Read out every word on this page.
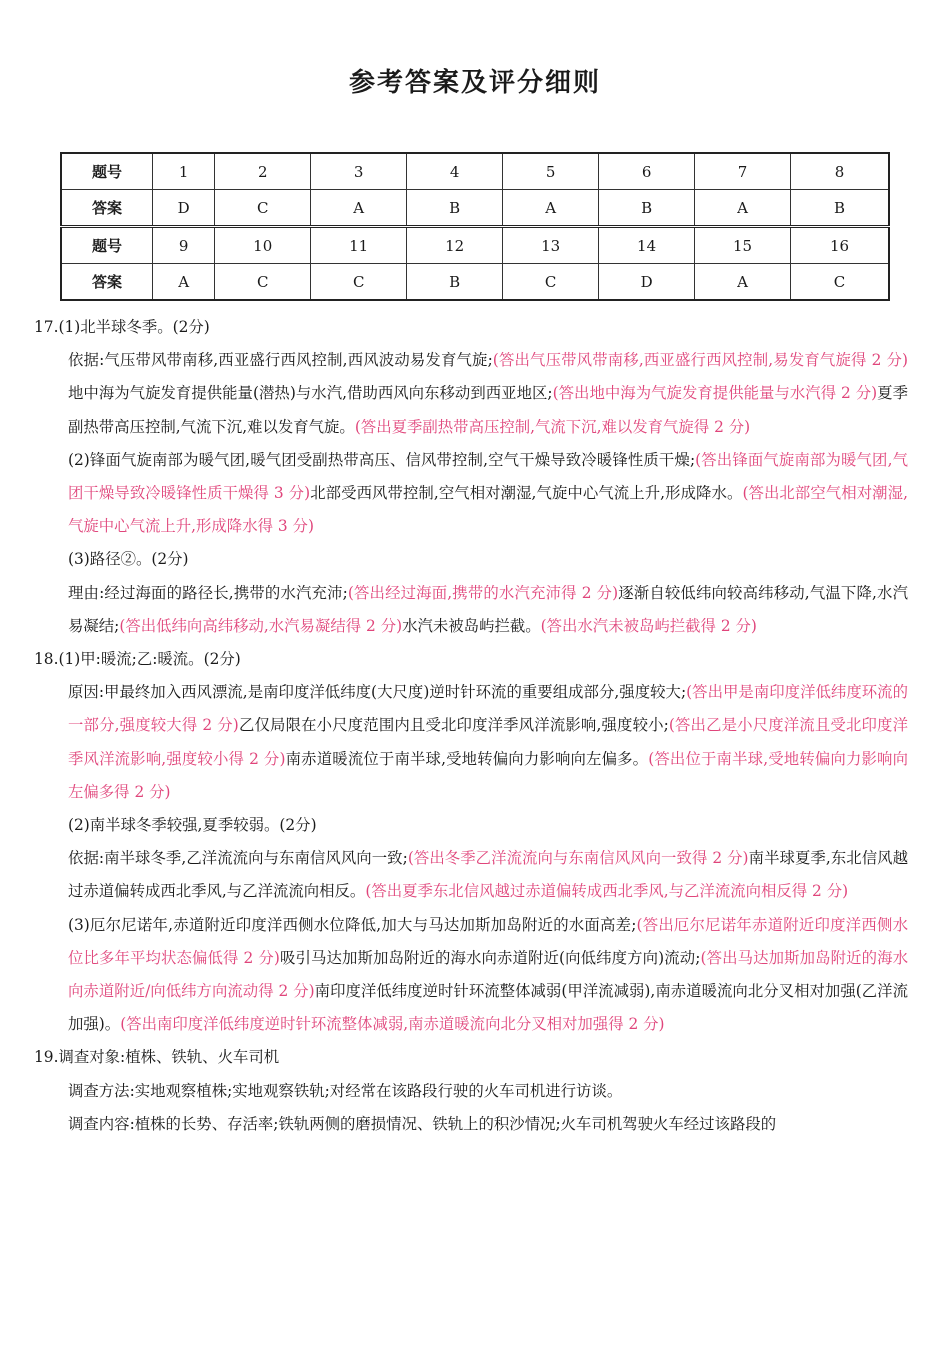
参考答案及评分细则
题号	1	2	3	4	5	6	7	8
答案	D	C	A	B	A	B	A	B
题号	9	10	11	12	13	14	15	16
答案	A	C	C	B	C	D	A	C

17.(1)北半球冬季。(2分)

依据:气压带风带南移,西亚盛行西风控制,西风波动易发育气旋;(答出气压带风带南移,西亚盛行西风控制,易发育气旋得 2 分)地中海为气旋发育提供能量(潜热)与水汽,借助西风向东移动到西亚地区;(答出地中海为气旋发育提供能量与水汽得 2 分)夏季副热带高压控制,气流下沉,难以发育气旋。(答出夏季副热带高压控制,气流下沉,难以发育气旋得 2 分)

(2)锋面气旋南部为暖气团,暖气团受副热带高压、信风带控制,空气干燥导致冷暖锋性质干燥;(答出锋面气旋南部为暖气团,气团干燥导致冷暖锋性质干燥得 3 分)北部受西风带控制,空气相对潮湿,气旋中心气流上升,形成降水。(答出北部空气相对潮湿,气旋中心气流上升,形成降水得 3 分)

(3)路径②。(2分)

理由:经过海面的路径长,携带的水汽充沛;(答出经过海面,携带的水汽充沛得 2 分)逐渐自较低纬向较高纬移动,气温下降,水汽易凝结;(答出低纬向高纬移动,水汽易凝结得 2 分)水汽未被岛屿拦截。(答出水汽未被岛屿拦截得 2 分)

18.(1)甲:暖流;乙:暖流。(2分)

原因:甲最终加入西风漂流,是南印度洋低纬度(大尺度)逆时针环流的重要组成部分,强度较大;(答出甲是南印度洋低纬度环流的一部分,强度较大得 2 分)乙仅局限在小尺度范围内且受北印度洋季风洋流影响,强度较小;(答出乙是小尺度洋流且受北印度洋季风洋流影响,强度较小得 2 分)南赤道暖流位于南半球,受地转偏向力影响向左偏多。(答出位于南半球,受地转偏向力影响向左偏多得 2 分)

(2)南半球冬季较强,夏季较弱。(2分)

依据:南半球冬季,乙洋流流向与东南信风风向一致;(答出冬季乙洋流流向与东南信风风向一致得 2 分)南半球夏季,东北信风越过赤道偏转成西北季风,与乙洋流流向相反。(答出夏季东北信风越过赤道偏转成西北季风,与乙洋流流向相反得 2 分)

(3)厄尔尼诺年,赤道附近印度洋西侧水位降低,加大与马达加斯加岛附近的水面高差;(答出厄尔尼诺年赤道附近印度洋西侧水位比多年平均状态偏低得 2 分)吸引马达加斯加岛附近的海水向赤道附近(向低纬度方向)流动;(答出马达加斯加岛附近的海水向赤道附近/向低纬方向流动得 2 分)南印度洋低纬度逆时针环流整体减弱(甲洋流减弱),南赤道暖流向北分叉相对加强(乙洋流加强)。(答出南印度洋低纬度逆时针环流整体减弱,南赤道暖流向北分叉相对加强得 2 分)

19.调查对象:植株、铁轨、火车司机

调查方法:实地观察植株;实地观察铁轨;对经常在该路段行驶的火车司机进行访谈。

调查内容:植株的长势、存活率;铁轨两侧的磨损情况、铁轨上的积沙情况;火车司机驾驶火车经过该路段的
